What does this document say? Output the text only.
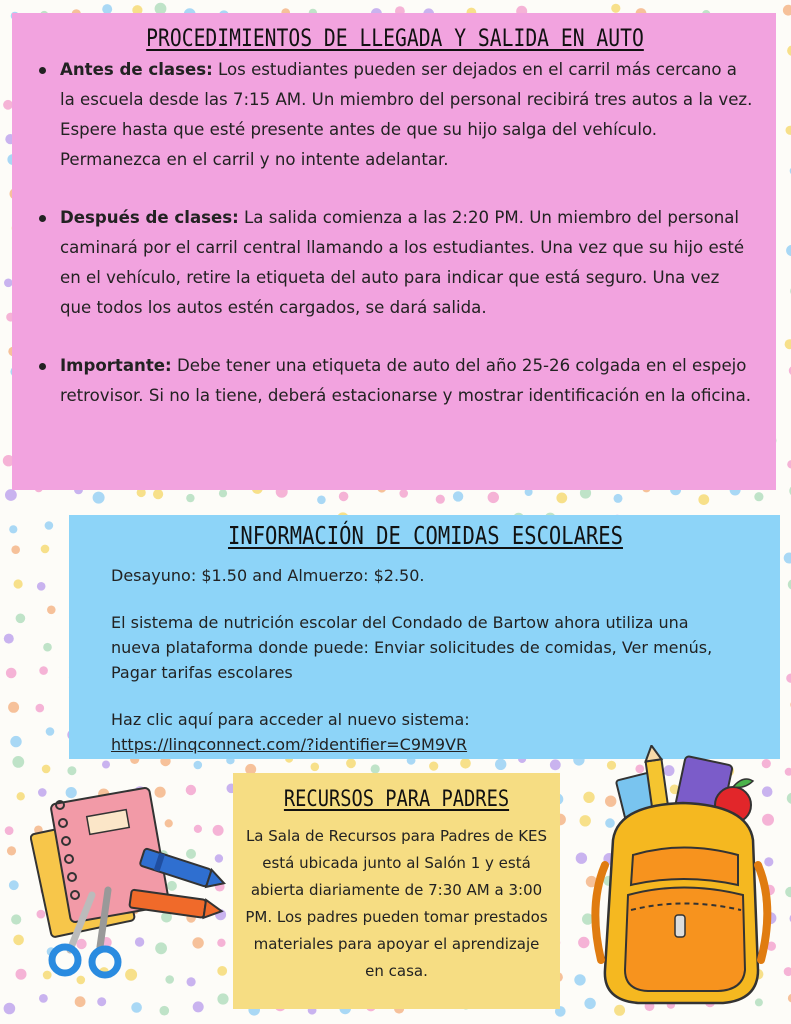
PROCEDIMIENTOS DE LLEGADA Y SALIDA EN AUTO
Antes de clases: Los estudiantes pueden ser dejados en el carril más cercano a la escuela desde las 7:15 AM. Un miembro del personal recibirá tres autos a la vez. Espere hasta que esté presente antes de que su hijo salga del vehículo. Permanezca en el carril y no intente adelantar.
Después de clases: La salida comienza a las 2:20 PM. Un miembro del personal caminará por el carril central llamando a los estudiantes. Una vez que su hijo esté en el vehículo, retire la etiqueta del auto para indicar que está seguro. Una vez que todos los autos estén cargados, se dará salida.
Importante: Debe tener una etiqueta de auto del año 25-26 colgada en el espejo retrovisor. Si no la tiene, deberá estacionarse y mostrar identificación en la oficina.
INFORMACIÓN DE COMIDAS ESCOLARES

Desayuno: $1.50 and Almuerzo: $2.50.

El sistema de nutrición escolar del Condado de Bartow ahora utiliza una nueva plataforma donde puede: Enviar solicitudes de comidas, Ver menús, Pagar tarifas escolares

Haz clic aquí para acceder al nuevo sistema:

https://linqconnect.com/?identifier=C9M9VR

RECURSOS PARA PADRES

La Sala de Recursos para Padres de KES está ubicada junto al Salón 1 y está abierta diariamente de 7:30 AM a 3:00 PM. Los padres pueden tomar prestados materiales para apoyar el aprendizaje en casa.
